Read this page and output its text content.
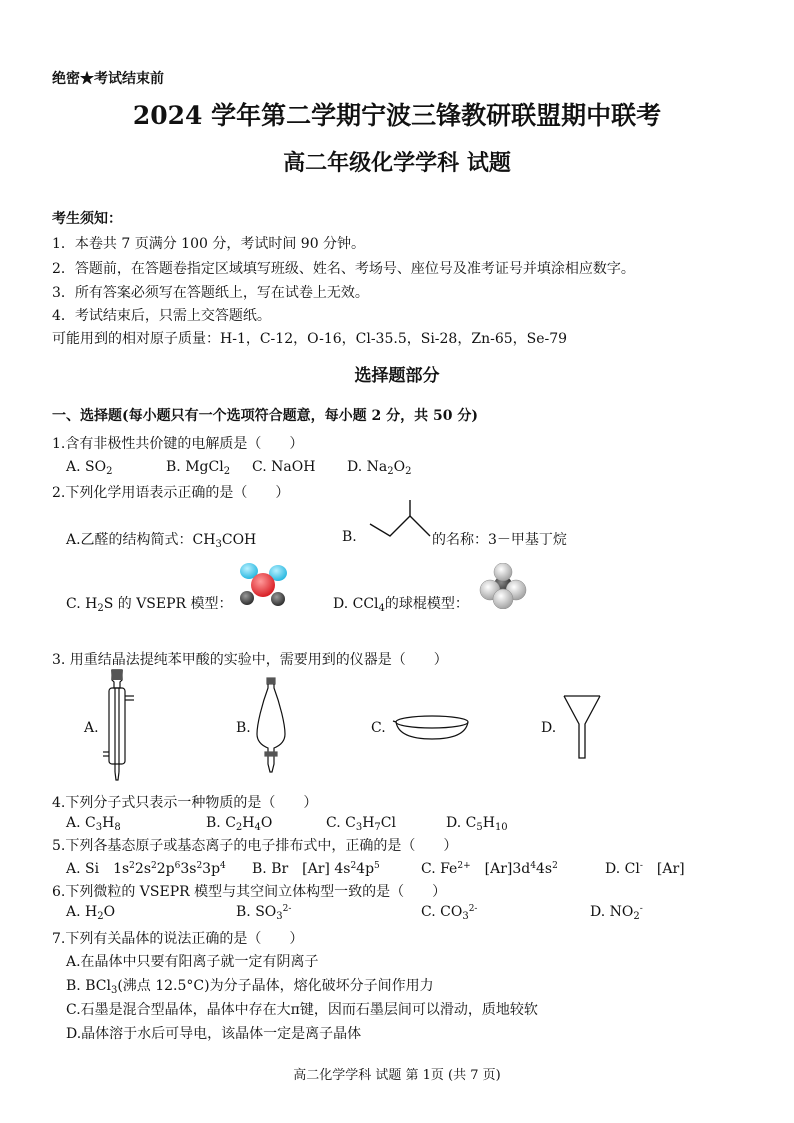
绝密★考试结束前
2024 学年第二学期宁波三锋教研联盟期中联考
高二年级化学学科 试题
考生须知：
1．本卷共 7 页满分 100 分，考试时间 90 分钟。
2．答题前，在答题卷指定区域填写班级、姓名、考场号、座位号及准考证号并填涂相应数字。
3．所有答案必须写在答题纸上，写在试卷上无效。
4．考试结束后，只需上交答题纸。
可能用到的相对原子质量：H-1，C-12，O-16，Cl-35.5，Si-28，Zn-65，Se-79
选择题部分
一、选择题(每小题只有一个选项符合题意，每小题 2 分，共 50 分)
1.含有非极性共价键的电解质是（　　）
A. $SO_2$	B. MgCl$_2$ C. NaOH D. $Na_2O_2$
2.下列化学用语表示正确的是（　　）
A.乙醛的结构简式：$CH_3COH$	B.	的名称：3－甲基丁烷
C. $H_2S$ 的 VSEPR 模型：	D. CCl$_4$的球棍模型：
3. 用重结晶法提纯苯甲酸的实验中，需要用到的仪器是（　　）
A.	B.	C.	D.
4.下列分子式只表示一种物质的是（　　）
A. $C_3H_8$	B. $C_2H_4O$	C. $C_3H_7Cl$	D. $C_5H_{10}$
5.下列各基态原子或基态离子的电子排布式中，正确的是（　　）
A. Si　$1s^22s^22p^63s^23p^4$ B. Br　[Ar] $4s^24p^5$	C. $Fe^{2+}$　$[Ar]3d^44s^2$	D. Cl-　[Ar]
6.下列微粒的 VSEPR 模型与其空间立体构型一致的是（　　）
A. $H_2O$	B. $SO_3^{2-}$	C. $CO_3^{2-}$	D. $NO_2^-$
7.下列有关晶体的说法正确的是（　　）
A.在晶体中只要有阳离子就一定有阴离子
B. BCl$_3$(沸点 12.5°C)为分子晶体，熔化破坏分子间作用力
C.石墨是混合型晶体，晶体中存在大π键，因而石墨层间可以滑动，质地较软
D.晶体溶于水后可导电，该晶体一定是离子晶体
高二化学学科 试题 第 1页 (共 7 页)
